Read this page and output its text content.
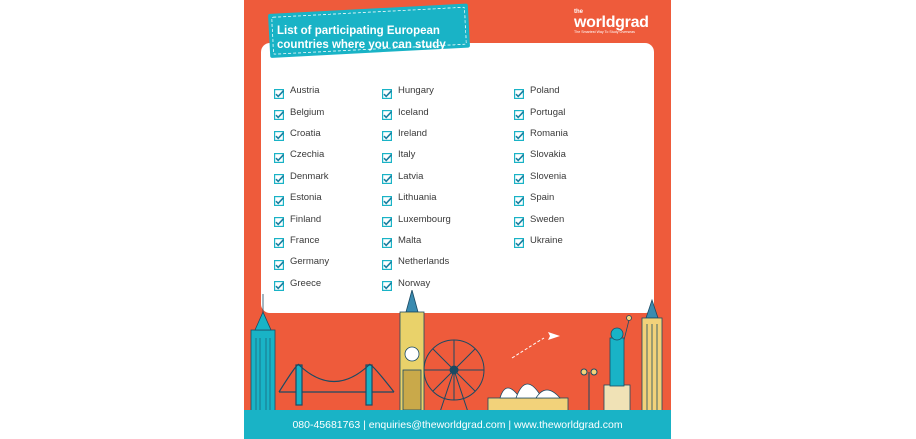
List of participating European
countries where you can study
the
worldgrad
The Smartest Way To Study Overseas
Austria
Belgium
Croatia
Czechia
Denmark
Estonia
Finland
France
Germany
Greece
Hungary
Iceland
Ireland
Italy
Latvia
Lithuania
Luxembourg
Malta
Netherlands
Norway
Poland
Portugal
Romania
Slovakia
Slovenia
Spain
Sweden
Ukraine
080-45681763 | enquiries@theworldgrad.com | www.theworldgrad.com
